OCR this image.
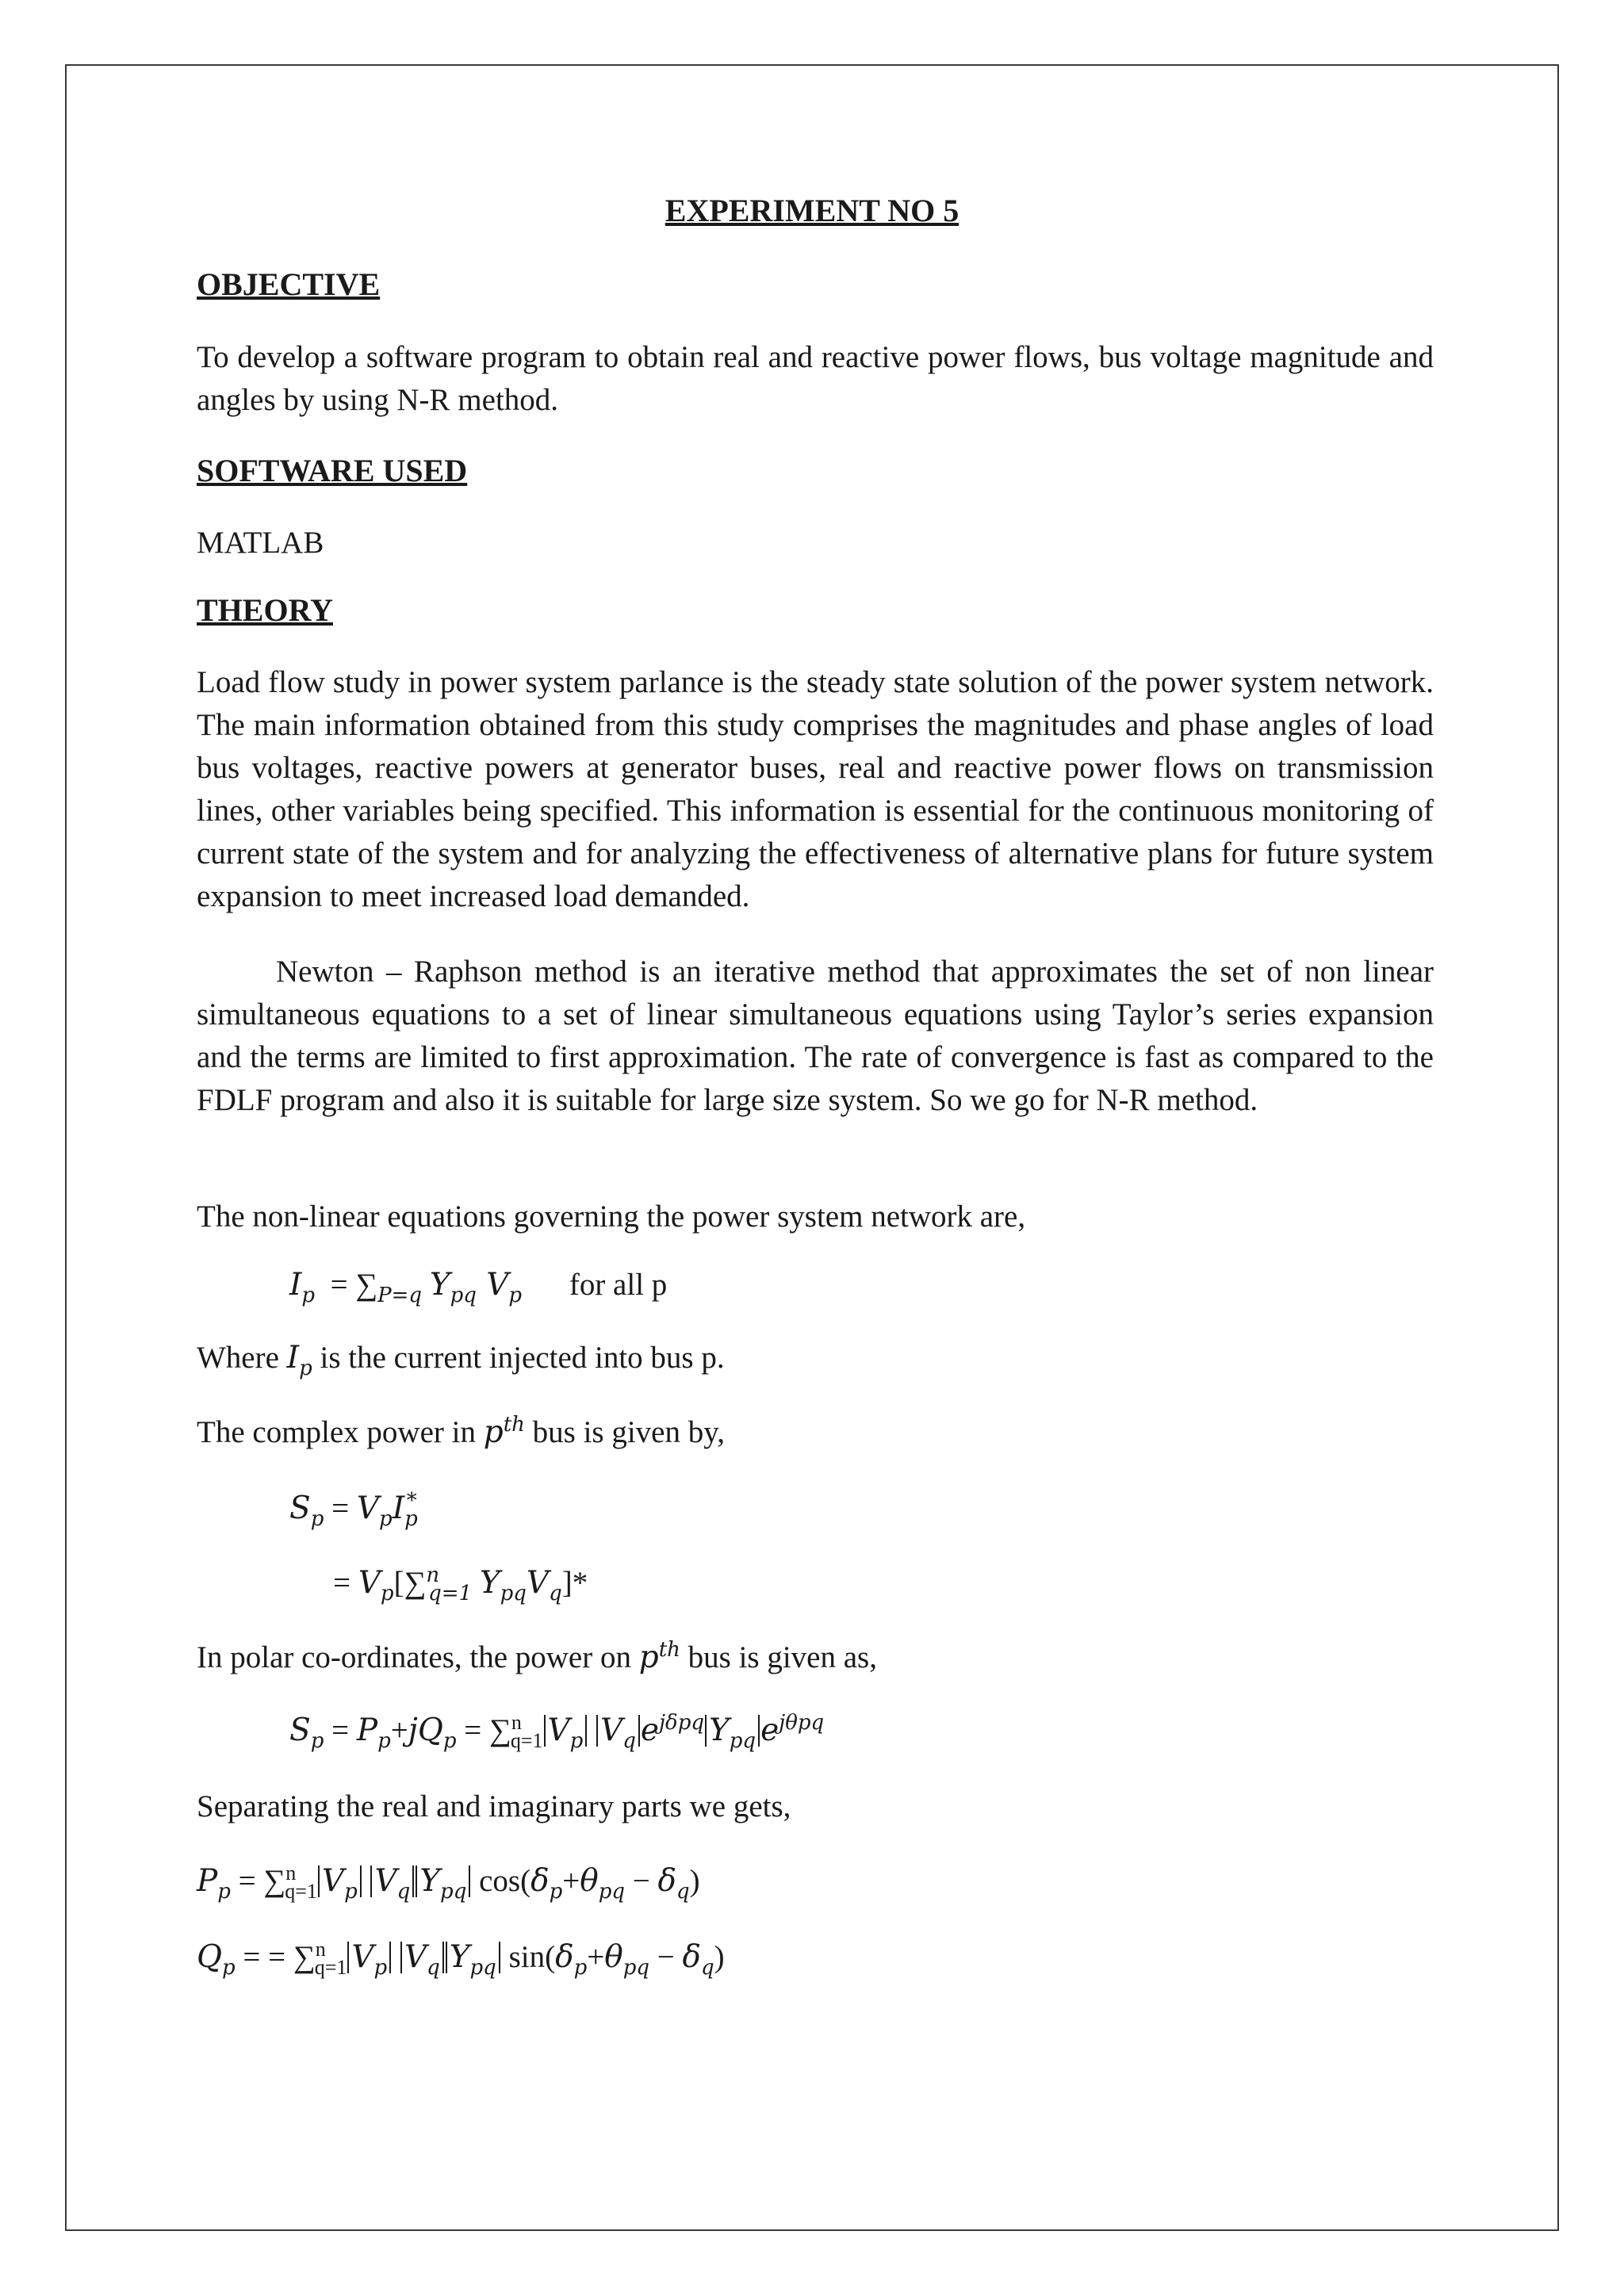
EXPERIMENT NO 5
OBJECTIVE
To develop a software program to obtain real and reactive power flows, bus voltage magnitude and angles by using N-R method.
SOFTWARE USED
MATLAB
THEORY
Load flow study in power system parlance is the steady state solution of the power system network. The main information obtained from this study comprises the magnitudes and phase angles of load bus voltages, reactive powers at generator buses, real and reactive power flows on transmission lines, other variables being specified. This information is essential for the continuous monitoring of current state of the system and for analyzing the effectiveness of alternative plans for future system expansion to meet increased load demanded.
Newton – Raphson method is an iterative method that approximates the set of non linear simultaneous equations to a set of linear simultaneous equations using Taylor’s series expansion and the terms are limited to first approximation. The rate of convergence is fast as compared to the FDLF program and also it is suitable for large size system. So we go for N-R method.
The non-linear equations governing the power system network are,
$I_p = \sum_{P=q}$ $Y_{pq}$ $V_p$ for all p
Where $I_p$ is the current injected into bus p.
The complex power in $p^{th}$ bus is given by,
$S_p = V_pI_p^*$
= $V_p[\sum^n_{q=1}$ $Y_{pq}V_q]*$
In polar co-ordinates, the power on $p^{th}$ bus is given as,
$S_p = P_p+jQ_p = \sum^n_{q=1}$ $V_p$ $V_q$ $e^{j\delta pq}$ $Y_{pq}$ $e^{j\theta pq}$
Separating the real and imaginary parts we gets,
$P_p = \sum^n_{q=1}$ $V_p$ $V_q$ $Y_{pq}$ $\cos(\delta_p+\theta_{pq} - \delta_q)$
$Q_p$ = = ∑$^n_{q=1}$ $V_p$ $V_q$ $Y_{pq}$ $\sin(\delta_p+\theta_{pq} - \delta_q)$
